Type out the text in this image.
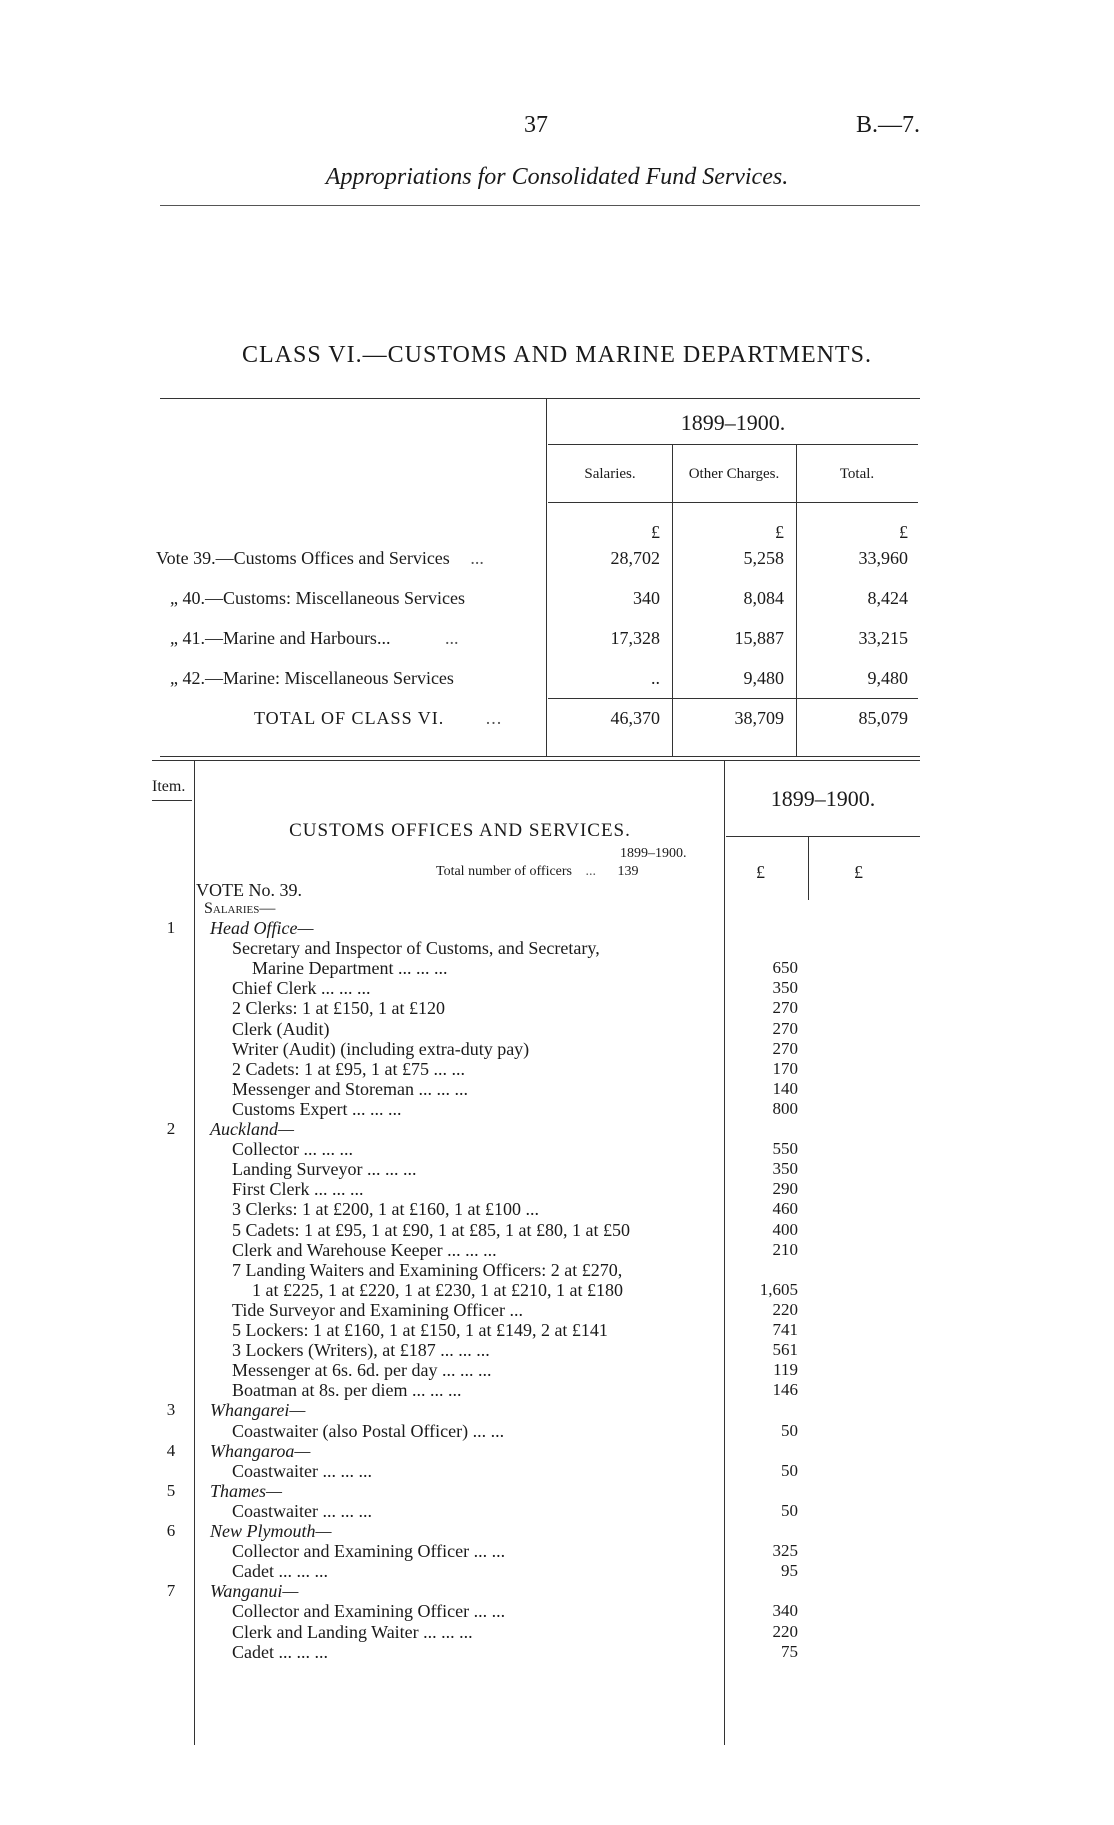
37	B.—7.
Appropriations for Consolidated Fund Services.
CLASS VI.—CUSTOMS AND MARINE DEPARTMENTS.
1899–1900.
Salaries.	Other Charges.	Total.
£	£	£
Vote 39.—Customs Offices and Services ...	28,702	5,258	33,960
„ 40.—Customs: Miscellaneous Services	340	8,084	8,424
„ 41.—Marine and Harbours...	...	17,328	15,887	33,215
„ 42.—Marine: Miscellaneous Services	..	9,480	9,480
TOTAL OF CLASS VI. ...	46,370	38,709	85,079
Item.	1899–1900.
CUSTOMS OFFICES AND SERVICES.
1899–1900.
Total number of officers ... 139	£	£
VOTE No. 39.
Salaries—
1	Head Office—
Secretary and Inspector of Customs, and Secretary,
Marine Department ... ... ...	650
Chief Clerk ... ... ...	350
2 Clerks: 1 at £150, 1 at £120	270
Clerk (Audit)	270
Writer (Audit) (including extra-duty pay)	270
2 Cadets: 1 at £95, 1 at £75 ... ...	170
Messenger and Storeman ... ... ...	140
Customs Expert ... ... ...	800
2	Auckland—
Collector ... ... ...	550
Landing Surveyor ... ... ...	350
First Clerk ... ... ...	290
3 Clerks: 1 at £200, 1 at £160, 1 at £100 ...	460
5 Cadets: 1 at £95, 1 at £90, 1 at £85, 1 at £80, 1 at £50	400
Clerk and Warehouse Keeper ... ... ...	210
7 Landing Waiters and Examining Officers: 2 at £270,
1 at £225, 1 at £220, 1 at £230, 1 at £210, 1 at £180	1,605
Tide Surveyor and Examining Officer ...	220
5 Lockers: 1 at £160, 1 at £150, 1 at £149, 2 at £141	741
3 Lockers (Writers), at £187 ... ... ...	561
Messenger at 6s. 6d. per day ... ... ...	119
Boatman at 8s. per diem ... ... ...	146
3	Whangarei—
Coastwaiter (also Postal Officer) ... ...	50
4	Whangaroa—
Coastwaiter ... ... ...	50
5	Thames—
Coastwaiter ... ... ...	50
6	New Plymouth—
Collector and Examining Officer ... ...	325
Cadet ... ... ...	95
7	Wanganui—
Collector and Examining Officer ... ...	340
Clerk and Landing Waiter ... ... ...	220
Cadet ... ... ...	75
